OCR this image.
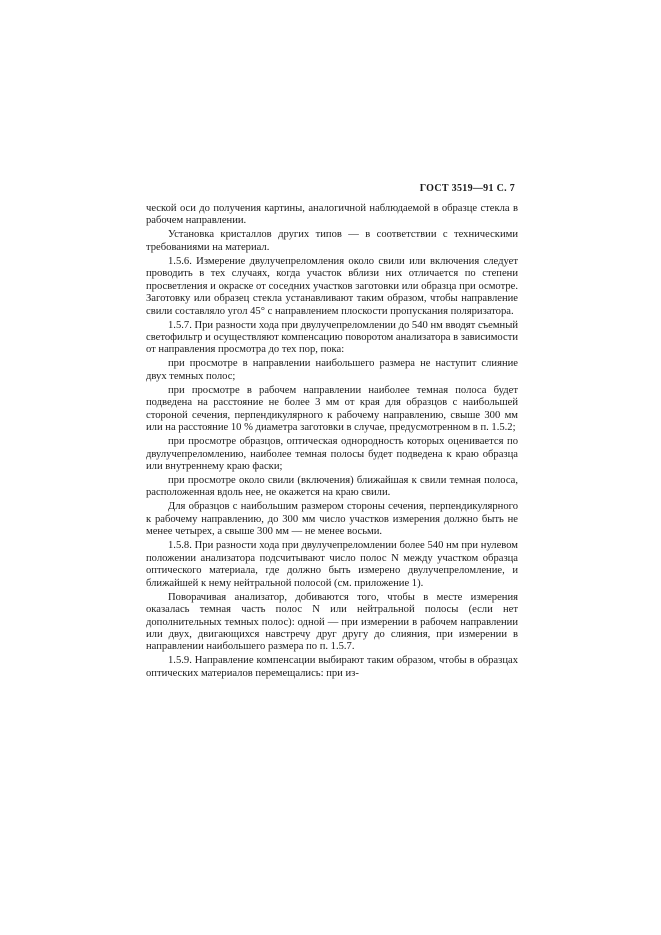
ГОСТ 3519—91 С. 7

ческой оси до получения картины, аналогичной наблюдаемой в образце стекла в рабочем направлении.

Установка кристаллов других типов — в соответствии с техническими требованиями на материал.

1.5.6. Измерение двулучепреломления около свили или включения следует проводить в тех случаях, когда участок вблизи них отличается по степени просветления и окраске от соседних участков заготовки или образца при осмотре. Заготовку или образец стекла устанавливают таким образом, чтобы направление свили составляло угол 45° с направлением плоскости пропускания поляризатора.

1.5.7. При разности хода при двулучепреломлении до 540 нм вводят съемный светофильтр и осуществляют компенсацию поворотом анализатора в зависимости от направления просмотра до тех пор, пока:

при просмотре в направлении наибольшего размера не наступит слияние двух темных полос;

при просмотре в рабочем направлении наиболее темная полоса будет подведена на расстояние не более 3 мм от края для образцов с наибольшей стороной сечения, перпендикулярного к рабочему направлению, свыше 300 мм или на расстояние 10 % диаметра заготовки в случае, предусмотренном в п. 1.5.2;

при просмотре образцов, оптическая однородность которых оценивается по двулучепреломлению, наиболее темная полосы будет подведена к краю образца или внутреннему краю фаски;

при просмотре около свили (включения) ближайшая к свили темная полоса, расположенная вдоль нее, не окажется на краю свили.

Для образцов с наибольшим размером стороны сечения, перпендикулярного к рабочему направлению, до 300 мм число участков измерения должно быть не менее четырех, а свыше 300 мм — не менее восьми.

1.5.8. При разности хода при двулучепреломлении более 540 нм при нулевом положении анализатора подсчитывают число полос N между участком образца оптического материала, где должно быть измерено двулучепреломление, и ближайшей к нему нейтральной полосой (см. приложение 1).

Поворачивая анализатор, добиваются того, чтобы в месте измерения оказалась темная часть полос N или нейтральной полосы (если нет дополнительных темных полос): одной — при измерении в рабочем направлении или двух, двигающихся навстречу друг другу до слияния, при измерении в направлении наибольшего размера по п. 1.5.7.

1.5.9. Направление компенсации выбирают таким образом, чтобы в образцах оптических материалов перемещались: при из-
